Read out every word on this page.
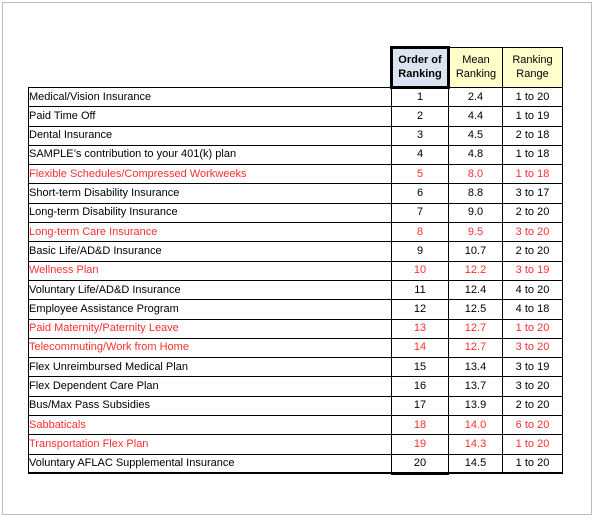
	Order of Ranking	Mean Ranking	Ranking Range
Medical/Vision Insurance	1	2.4	1 to 20
Paid Time Off	2	4.4	1 to 19
Dental Insurance	3	4.5	2 to 18
SAMPLE’s contribution to your 401(k) plan	4	4.8	1 to 18
Flexible Schedules/Compressed Workweeks	5	8.0	1 to 18
Short-term Disability Insurance	6	8.8	3 to 17
Long-term Disability Insurance	7	9.0	2 to 20
Long-term Care Insurance	8	9.5	3 to 20
Basic Life/AD&D Insurance	9	10.7	2 to 20
Wellness Plan	10	12.2	3 to 19
Voluntary Life/AD&D Insurance	11	12.4	4 to 20
Employee Assistance Program	12	12.5	4 to 18
Paid Maternity/Paternity Leave	13	12.7	1 to 20
Telecommuting/Work from Home	14	12.7	3 to 20
Flex Unreimbursed Medical Plan	15	13.4	3 to 19
Flex Dependent Care Plan	16	13.7	3 to 20
Bus/Max Pass Subsidies	17	13.9	2 to 20
Sabbaticals	18	14.0	6 to 20
Transportation Flex Plan	19	14.3	1 to 20
Voluntary AFLAC Supplemental Insurance	20	14.5	1 to 20
